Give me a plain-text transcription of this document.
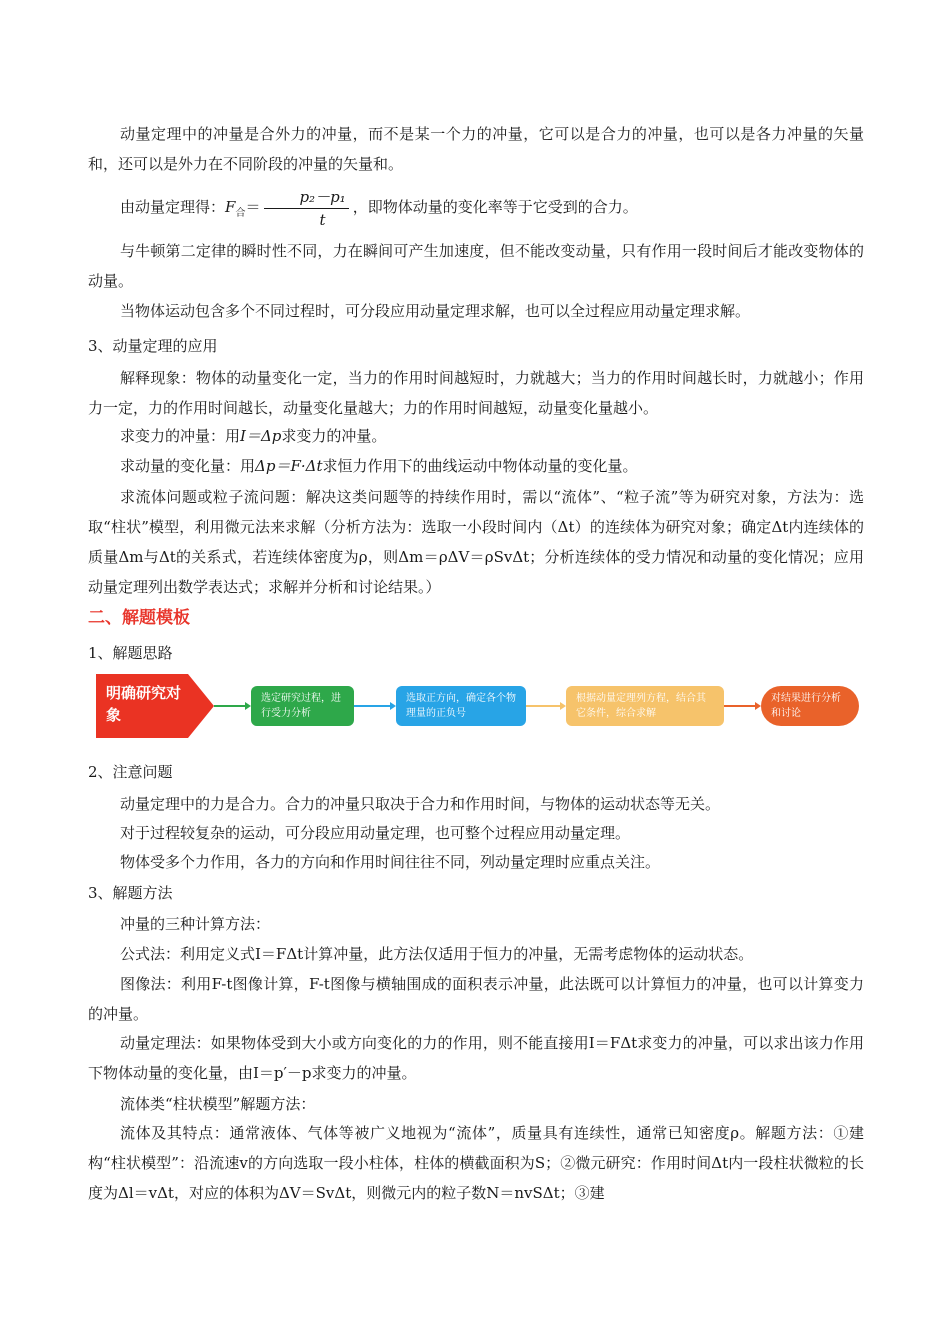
动量定理中的冲量是合外力的冲量，而不是某一个力的冲量，它可以是合力的冲量，也可以是各力冲量的矢量和，还可以是外力在不同阶段的冲量的矢量和。

由动量定理得：$F_合= \frac{\text{p₂－p₁}}{t}$ ，即物体动量的变化率等于它受到的合力。

与牛顿第二定律的瞬时性不同，力在瞬间可产生加速度，但不能改变动量，只有作用一段时间后才能改变物体的动量。

当物体运动包含多个不同过程时，可分段应用动量定理求解，也可以全过程应用动量定理求解。

3、动量定理的应用

解释现象：物体的动量变化一定，当力的作用时间越短时，力就越大；当力的作用时间越长时，力就越小；作用力一定，力的作用时间越长，动量变化量越大；力的作用时间越短，动量变化量越小。

求变力的冲量：用I＝Δp求变力的冲量。

求动量的变化量：用Δp＝F·Δt求恒力作用下的曲线运动中物体动量的变化量。

求流体问题或粒子流问题：解决这类问题等的持续作用时，需以“流体”、“粒子流”等为研究对象，方法为：选取“柱状”模型，利用微元法来求解（分析方法为：选取一小段时间内（Δt）的连续体为研究对象；确定Δt内连续体的质量Δm与Δt的关系式，若连续体密度为ρ，则Δm＝ρΔV＝ρSvΔt；分析连续体的受力情况和动量的变化情况；应用动量定理列出数学表达式；求解并分析和讨论结果。）

二、解题模板

1、解题思路

明确研究对象
选定研究过程，进行受力分析
选取正方向，确定各个物理量的正负号
根据动量定理列方程，结合其它条件，综合求解
对结果进行分析和讨论

2、注意问题

动量定理中的力是合力。合力的冲量只取决于合力和作用时间，与物体的运动状态等无关。

对于过程较复杂的运动，可分段应用动量定理，也可整个过程应用动量定理。

物体受多个力作用，各力的方向和作用时间往往不同，列动量定理时应重点关注。

3、解题方法

冲量的三种计算方法：

公式法：利用定义式I＝FΔt计算冲量，此方法仅适用于恒力的冲量，无需考虑物体的运动状态。

图像法：利用F-t图像计算，F-t图像与横轴围成的面积表示冲量，此法既可以计算恒力的冲量，也可以计算变力的冲量。

动量定理法：如果物体受到大小或方向变化的力的作用，则不能直接用I＝FΔt求变力的冲量，可以求出该力作用下物体动量的变化量，由I＝p′－p求变力的冲量。

流体类“柱状模型”解题方法：

流体及其特点：通常液体、气体等被广义地视为“流体”，质量具有连续性，通常已知密度ρ。解题方法：①建构“柱状模型”：沿流速v的方向选取一段小柱体，柱体的横截面积为S；②微元研究：作用时间Δt内一段柱状微粒的长度为Δl＝vΔt，对应的体积为ΔV＝SvΔt，则微元内的粒子数N＝nvSΔt；③建
